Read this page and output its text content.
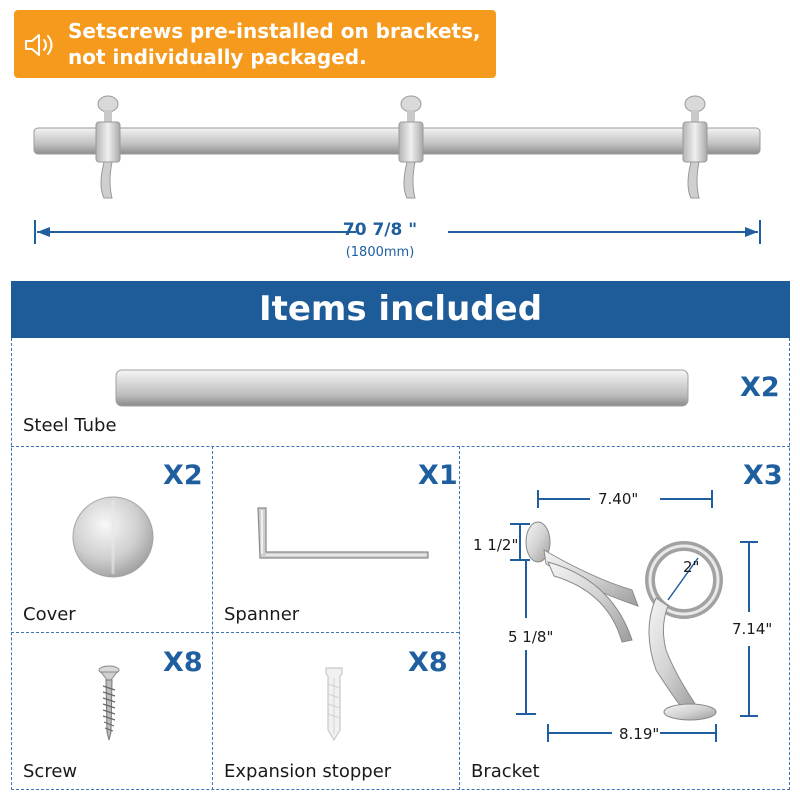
Setscrews pre-installed on brackets,
not individually packaged.
70 7/8 "
(1800mm)
Items included
X2
Steel Tube
X2
Cover
X1
Spanner
X8
Screw
X8
Expansion stopper
X3
Bracket
7.40"
1 1/2"
2"
5 1/8"	7.14"
8.19"
